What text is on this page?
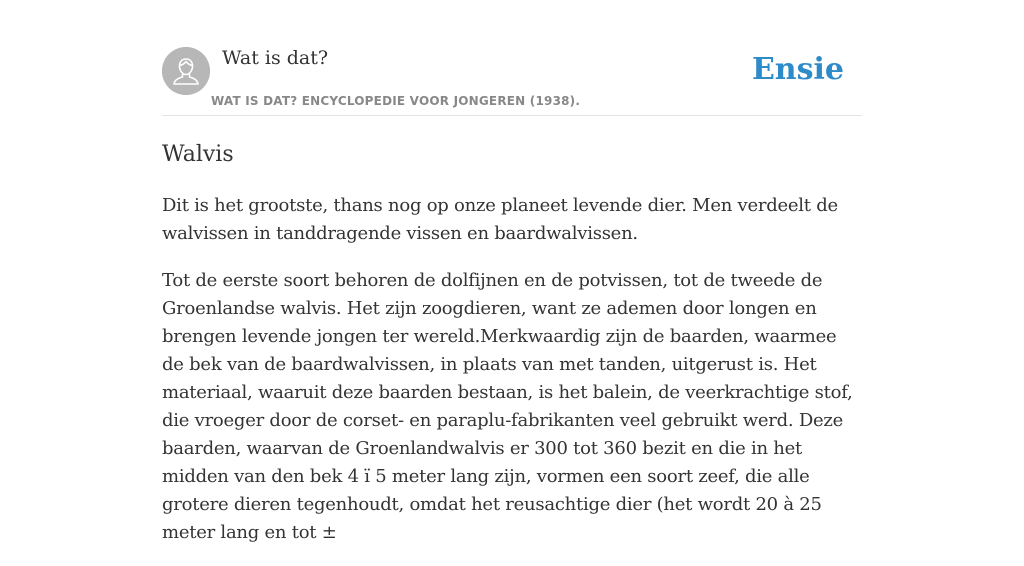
Wat is dat?
WAT IS DAT? ENCYCLOPEDIE VOOR JONGEREN (1938).
Ensie
Walvis

Dit is het grootste, thans nog op onze planeet levende dier. Men verdeelt de walvissen in tanddragende vissen en baardwalvissen.

Tot de eerste soort behoren de dolfijnen en de potvissen, tot de tweede de Groenlandse walvis. Het zijn zoogdieren, want ze ademen door longen en brengen levende jongen ter wereld.Merkwaardig zijn de baarden, waarmee de bek van de baardwalvissen, in plaats van met tanden, uitgerust is. Het materiaal, waaruit deze baarden bestaan, is het balein, de veerkrachtige stof, die vroeger door de corset- en paraplu-fabrikanten veel gebruikt werd. Deze baarden, waarvan de Groenlandwalvis er 300 tot 360 bezit en die in het midden van den bek 4 ï 5 meter lang zijn, vormen een soort zeef, die alle grotere dieren tegenhoudt, omdat het reusachtige dier (het wordt 20 à 25 meter lang en tot ±
